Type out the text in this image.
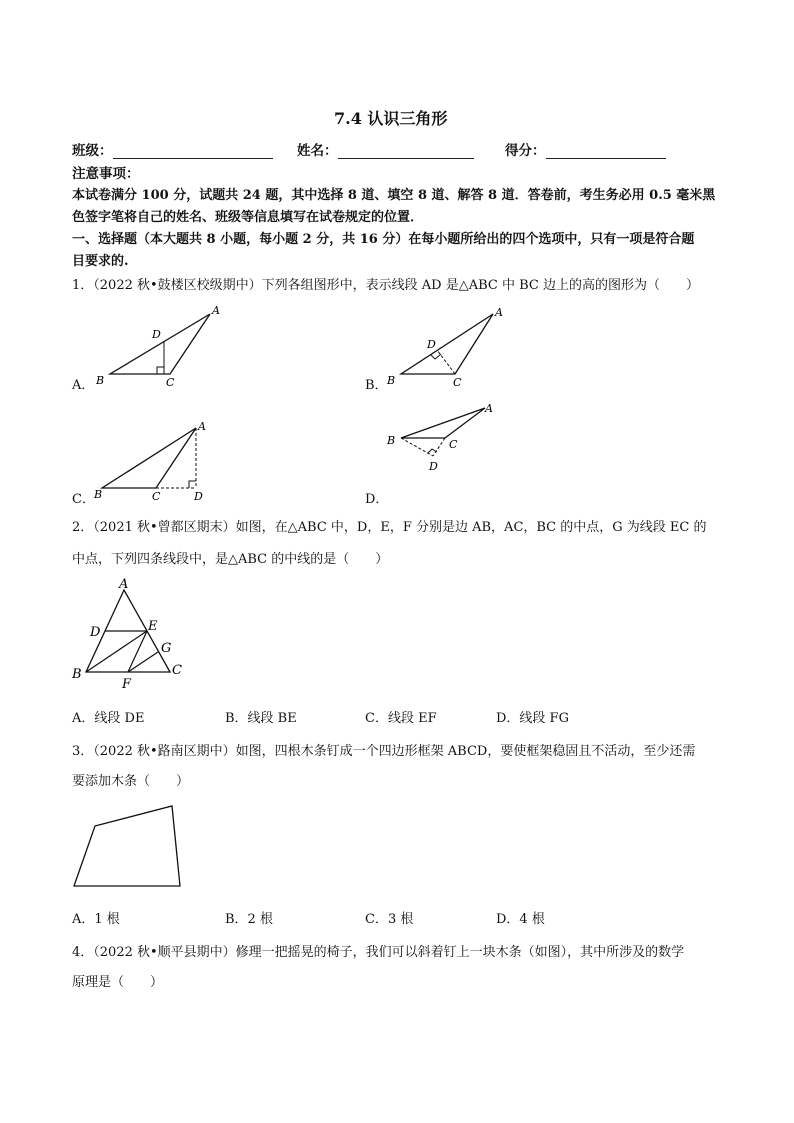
7.4 认识三角形
班级：	姓名：	得分：
注意事项：
本试卷满分 100 分，试题共 24 题，其中选择 8 道、填空 8 道、解答 8 道．答卷前，考生务必用 0.5 毫米黑
色签字笔将自己的姓名、班级等信息填写在试卷规定的位置．
一、选择题（本大题共 8 小题，每小题 2 分，共 16 分）在每小题所给出的四个选项中，只有一项是符合题
目要求的.
1．（2022 秋•鼓楼区校级期中）下列各组图形中，表示线段 AD 是△ABC 中 BC 边上的高的图形为（　　）
A．
A
B	C
D
B．
A
B	C
D
C．
A
B	C	D	D．
A
B	C
D
2．（2021 秋•曾都区期末）如图，在△ABC 中，D，E，F 分别是边 AB，AC，BC 的中点，G 为线段 EC 的
中点，下列四条线段中，是△ABC 的中线的是（　　）
A
B	C
D	E
G
F
A．线段 DE	B．线段 BE	C．线段 EF	D．线段 FG
3．（2022 秋•路南区期中）如图，四根木条钉成一个四边形框架 ABCD，要使框架稳固且不活动，至少还需
要添加木条（　　）
A．1 根	B．2 根	C．3 根	D．4 根
4．（2022 秋•顺平县期中）修理一把摇晃的椅子，我们可以斜着钉上一块木条（如图），其中所涉及的数学
原理是（　　）
